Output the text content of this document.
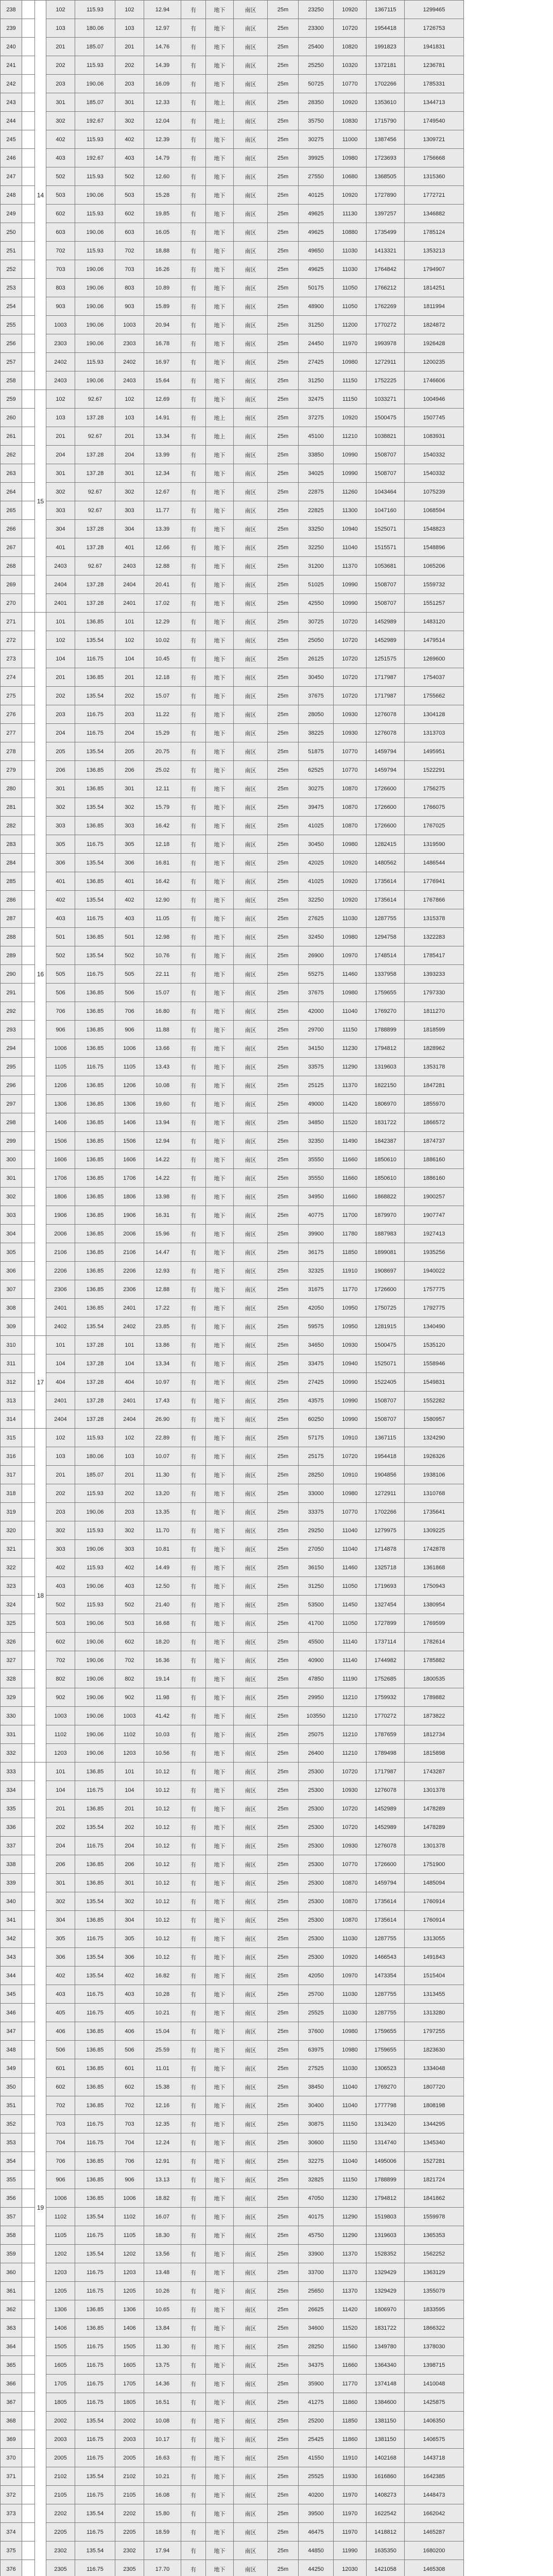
238		14	102	115.93	102	12.94	有	地下	南区	25m	23250	10920	1367115	1299465
239			103	180.06	103	12.97	有	地下	南区	25m	23300	10720	1954418	1726753
240			201	185.07	201	14.76	有	地下	南区	25m	25400	10820	1991823	1941831
241			202	115.93	202	14.39	有	地下	南区	25m	25250	10320	1372181	1236781
242			203	190.06	203	16.09	有	地下	南区	25m	50725	10770	1702266	1785331
243			301	185.07	301	12.33	有	地上	南区	25m	28350	10920	1353610	1344713
244			302	192.67	302	12.04	有	地上	南区	25m	35750	10830	1715790	1749540
245			402	115.93	402	12.39	有	地下	南区	25m	30275	11000	1387456	1309721
246			403	192.67	403	14.79	有	地下	南区	25m	39925	10980	1723693	1756668
247			502	115.93	502	12.60	有	地下	南区	25m	27550	10680	1368505	1315360
248			503	190.06	503	15.28	有	地下	南区	25m	40125	10920	1727890	1772721
249			602	115.93	602	19.85	有	地下	南区	25m	49625	11130	1397257	1346882
250			603	190.06	603	16.05	有	地下	南区	25m	49625	10880	1735499	1785124
251			702	115.93	702	18.88	有	地下	南区	25m	49650	11030	1413321	1353213
252			703	190.06	703	16.26	有	地下	南区	25m	49625	11030	1764842	1794907
253			803	190.06	803	10.89	有	地下	南区	25m	50175	11050	1766212	1814251
254			903	190.06	903	15.89	有	地下	南区	25m	48900	11050	1762269	1811994
255			1003	190.06	1003	20.94	有	地下	南区	25m	31250	11200	1770272	1824872
256			2303	190.06	2303	16.78	有	地下	南区	25m	24450	11970	1993978	1926428
257			2402	115.93	2402	16.97	有	地下	南区	25m	27425	10980	1272911	1200235
258			2403	190.06	2403	15.64	有	地下	南区	25m	31250	11150	1752225	1746606
259		15	102	92.67	102	12.69	有	地下	南区	25m	32475	11150	1033271	1004946
260			103	137.28	103	14.91	有	地上	南区	25m	37275	10920	1500475	1507745
261			201	92.67	201	13.34	有	地上	南区	25m	45100	11210	1038821	1083931
262			204	137.28	204	13.99	有	地下	南区	25m	33850	10990	1508707	1540332
263			301	137.28	301	12.34	有	地下	南区	25m	34025	10990	1508707	1540332
264			302	92.67	302	12.67	有	地下	南区	25m	22875	11260	1043464	1075239
265			303	92.67	303	11.77	有	地下	南区	25m	22825	11300	1047160	1068594
266			304	137.28	304	13.39	有	地下	南区	25m	33250	10940	1525071	1548823
267			401	137.28	401	12.66	有	地下	南区	25m	32250	11040	1515571	1548896
268			2403	92.67	2403	12.88	有	地下	南区	25m	31200	11370	1053681	1065206
269			2404	137.28	2404	20.41	有	地下	南区	25m	51025	10990	1508707	1559732
270			2401	137.28	2401	17.02	有	地下	南区	25m	42550	10990	1508707	1551257
271		16	101	136.85	101	12.29	有	地下	南区	25m	30725	10720	1452989	1483120
272			102	135.54	102	10.02	有	地下	南区	25m	25050	10720	1452989	1479514
273			104	116.75	104	10.45	有	地下	南区	25m	26125	10720	1251575	1269600
274			201	136.85	201	12.18	有	地下	南区	25m	30450	10720	1717987	1754037
275			202	135.54	202	15.07	有	地下	南区	25m	37675	10720	1717987	1755662
276			203	116.75	203	11.22	有	地下	南区	25m	28050	10930	1276078	1304128
277			204	116.75	204	15.29	有	地下	南区	25m	38225	10930	1276078	1313703
278			205	135.54	205	20.75	有	地下	南区	25m	51875	10770	1459794	1495951
279			206	136.85	206	25.02	有	地下	南区	25m	62525	10770	1459794	1522291
280			301	136.85	301	12.11	有	地下	南区	25m	30275	10870	1726600	1756275
281			302	135.54	302	15.79	有	地下	南区	25m	39475	10870	1726600	1766075
282			303	136.85	303	16.42	有	地下	南区	25m	41025	10870	1726600	1767025
283			305	116.75	305	12.18	有	地下	南区	25m	30450	10980	1282415	1319590
284			306	135.54	306	16.81	有	地下	南区	25m	42025	10920	1480562	1486544
285			401	136.85	401	16.42	有	地下	南区	25m	41025	10920	1735614	1776941
286			402	135.54	402	12.90	有	地下	南区	25m	32250	10920	1735614	1767866
287			403	116.75	403	11.05	有	地下	南区	25m	27625	11030	1287755	1315378
288			501	136.85	501	12.98	有	地下	南区	25m	32450	10980	1294758	1322283
289			502	135.54	502	10.76	有	地下	南区	25m	26900	10970	1748514	1785417
290			505	116.75	505	22.11	有	地下	南区	25m	55275	11460	1337958	1393233
291			506	136.85	506	15.07	有	地下	南区	25m	37675	10980	1759655	1797330
292			706	136.85	706	16.80	有	地下	南区	25m	42000	11040	1769270	1811270
293			906	136.85	906	11.88	有	地下	南区	25m	29700	11150	1788899	1818599
294			1006	136.85	1006	13.66	有	地下	南区	25m	34150	11230	1794812	1828962
295			1105	116.75	1105	13.43	有	地下	南区	25m	33575	11290	1319603	1353178
296			1206	136.85	1206	10.08	有	地下	南区	25m	25125	11370	1822150	1847281
297			1306	136.85	1306	19.60	有	地下	南区	25m	49000	11420	1806970	1855970
298			1406	136.85	1406	13.94	有	地下	南区	25m	34850	11520	1831722	1866572
299			1506	136.85	1506	12.94	有	地下	南区	25m	32350	11490	1842387	1874737
300			1606	136.85	1606	14.22	有	地下	南区	25m	35550	11660	1850610	1886160
301			1706	136.85	1706	14.22	有	地下	南区	25m	35550	11660	1850610	1886160
302			1806	136.85	1806	13.98	有	地下	南区	25m	34950	11660	1868822	1900257
303			1906	136.85	1906	16.31	有	地下	南区	25m	40775	11700	1879970	1907747
304			2006	136.85	2006	15.96	有	地下	南区	25m	39900	11780	1887983	1927413
305			2106	136.85	2106	14.47	有	地下	南区	25m	36175	11850	1899081	1935256
306			2206	136.85	2206	12.93	有	地下	南区	25m	32325	11910	1908697	1940022
307			2306	136.85	2306	12.88	有	地下	南区	25m	31675	11770	1726600	1757775
308			2401	136.85	2401	17.22	有	地下	南区	25m	42050	10950	1750725	1792775
309			2402	135.54	2402	23.85	有	地下	南区	25m	59575	10950	1281915	1340490
310		17	101	137.28	101	13.86	有	地下	南区	25m	34650	10930	1500475	1535120
311			104	137.28	104	13.34	有	地下	南区	25m	33475	10940	1525071	1558946
312			404	137.28	404	10.97	有	地下	南区	25m	27425	10990	1522405	1549831
313			2401	137.28	2401	17.43	有	地下	南区	25m	43575	10990	1508707	1552282
314			2404	137.28	2404	26.90	有	地下	南区	25m	60250	10990	1508707	1580957
315		18	102	115.93	102	22.89	有	地下	南区	25m	57175	10910	1367115	1324290
316			103	180.06	103	10.07	有	地下	南区	25m	25175	10720	1954418	1926326
317			201	185.07	201	11.30	有	地下	南区	25m	28250	10910	1904856	1938106
318			202	115.93	202	13.20	有	地下	南区	25m	33000	10980	1272911	1310768
319			203	190.06	203	13.35	有	地下	南区	25m	33375	10770	1702266	1735641
320			302	115.93	302	11.70	有	地下	南区	25m	29250	11040	1279975	1309225
321			303	190.06	303	10.81	有	地下	南区	25m	27050	11040	1714878	1742878
322			402	115.93	402	14.49	有	地下	南区	25m	36150	11460	1325718	1361868
323			403	190.06	403	12.50	有	地下	南区	25m	31250	11050	1719693	1750943
324			502	115.93	502	21.40	有	地下	南区	25m	53500	11450	1327454	1380954
325			503	190.06	503	16.68	有	地下	南区	25m	41700	11050	1727899	1769599
326			602	190.06	602	18.20	有	地下	南区	25m	45500	11140	1737114	1782614
327			702	190.06	702	16.36	有	地下	南区	25m	40900	11140	1744982	1785882
328			802	190.06	802	19.14	有	地下	南区	25m	47850	11190	1752685	1800535
329			902	190.06	902	11.98	有	地下	南区	25m	29950	11210	1759932	1789882
330			1003	190.06	1003	41.42	有	地下	南区	25m	103550	11210	1770272	1873822
331			1102	190.06	1102	10.03	有	地下	南区	25m	25075	11210	1787659	1812734
332			1203	190.06	1203	10.56	有	地下	南区	25m	26400	11210	1789498	1815898
333		19	101	136.85	101	10.12	有	地下	南区	25m	25300	10720	1717987	1743287
334			104	116.75	104	10.12	有	地下	南区	25m	25300	10930	1276078	1301378
335			201	136.85	201	10.12	有	地下	南区	25m	25300	10720	1452989	1478289
336			202	135.54	202	10.12	有	地下	南区	25m	25300	10720	1452989	1478289
337			204	116.75	204	10.12	有	地下	南区	25m	25300	10930	1276078	1301378
338			206	136.85	206	10.12	有	地下	南区	25m	25300	10770	1726600	1751900
339			301	136.85	301	10.12	有	地下	南区	25m	25300	10870	1459794	1485094
340			302	135.54	302	10.12	有	地下	南区	25m	25300	10870	1735614	1760914
341			304	136.85	304	10.12	有	地下	南区	25m	25300	10870	1735614	1760914
342			305	116.75	305	10.12	有	地下	南区	25m	25300	11030	1287755	1313055
343			306	135.54	306	10.12	有	地下	南区	25m	25300	10920	1466543	1491843
344			402	135.54	402	16.82	有	地下	南区	25m	42050	10970	1473354	1515404
345			403	116.75	403	10.28	有	地下	南区	25m	25700	11030	1287755	1313455
346			405	116.75	405	10.21	有	地下	南区	25m	25525	11030	1287755	1313280
347			406	136.85	406	15.04	有	地下	南区	25m	37600	10980	1759655	1797255
348			506	136.85	506	25.59	有	地下	南区	25m	63975	10980	1759655	1823630
349			601	136.85	601	11.01	有	地下	南区	25m	27525	11030	1306523	1334048
350			602	136.85	602	15.38	有	地下	南区	25m	38450	11040	1769270	1807720
351			702	136.85	702	12.16	有	地下	南区	25m	30400	11040	1777798	1808198
352			703	116.75	703	12.35	有	地下	南区	25m	30875	11150	1313420	1344295
353			704	116.75	704	12.24	有	地下	南区	25m	30600	11150	1314740	1345340
354			706	136.85	706	12.91	有	地下	南区	25m	32275	11040	1495006	1527281
355			906	136.85	906	13.13	有	地下	南区	25m	32825	11150	1788899	1821724
356			1006	136.85	1006	18.82	有	地下	南区	25m	47050	11230	1794812	1841862
357			1102	135.54	1102	16.07	有	地下	南区	25m	40175	11290	1519803	1559978
358			1105	116.75	1105	18.30	有	地下	南区	25m	45750	11290	1319603	1365353
359			1202	135.54	1202	13.56	有	地下	南区	25m	33900	11370	1528352	1562252
360			1203	116.75	1203	13.48	有	地下	南区	25m	33700	11370	1329429	1363129
361			1205	116.75	1205	10.26	有	地下	南区	25m	25650	11370	1329429	1355079
362			1306	136.85	1306	10.65	有	地下	南区	25m	26625	11420	1806970	1833595
363			1406	136.85	1406	13.84	有	地下	南区	25m	34600	11520	1831722	1866322
364			1505	116.75	1505	11.30	有	地下	南区	25m	28250	11560	1349780	1378030
365			1605	116.75	1605	13.75	有	地下	南区	25m	34375	11660	1364340	1398715
366			1705	116.75	1705	14.36	有	地下	南区	25m	35900	11770	1374148	1410048
367			1805	116.75	1805	16.51	有	地下	南区	25m	41275	11860	1384600	1425875
368			2002	135.54	2002	10.08	有	地下	南区	25m	25200	11850	1381150	1406350
369			2003	116.75	2003	10.17	有	地下	南区	25m	25425	11860	1381150	1406575
370			2005	116.75	2005	16.63	有	地下	南区	25m	41550	11910	1402168	1443718
371			2102	135.54	2102	10.21	有	地下	南区	25m	25525	11930	1616860	1642385
372			2105	116.75	2105	16.08	有	地下	南区	25m	40200	11970	1408273	1448473
373			2202	135.54	2202	15.80	有	地下	南区	25m	39500	11970	1622542	1662042
374			2205	116.75	2205	18.59	有	地下	南区	25m	46475	11970	1418812	1465287
375			2302	135.54	2302	17.94	有	地下	南区	25m	44850	11990	1635350	1680200
376			2305	116.75	2305	17.70	有	地下	南区	25m	44250	12030	1421058	1465308
